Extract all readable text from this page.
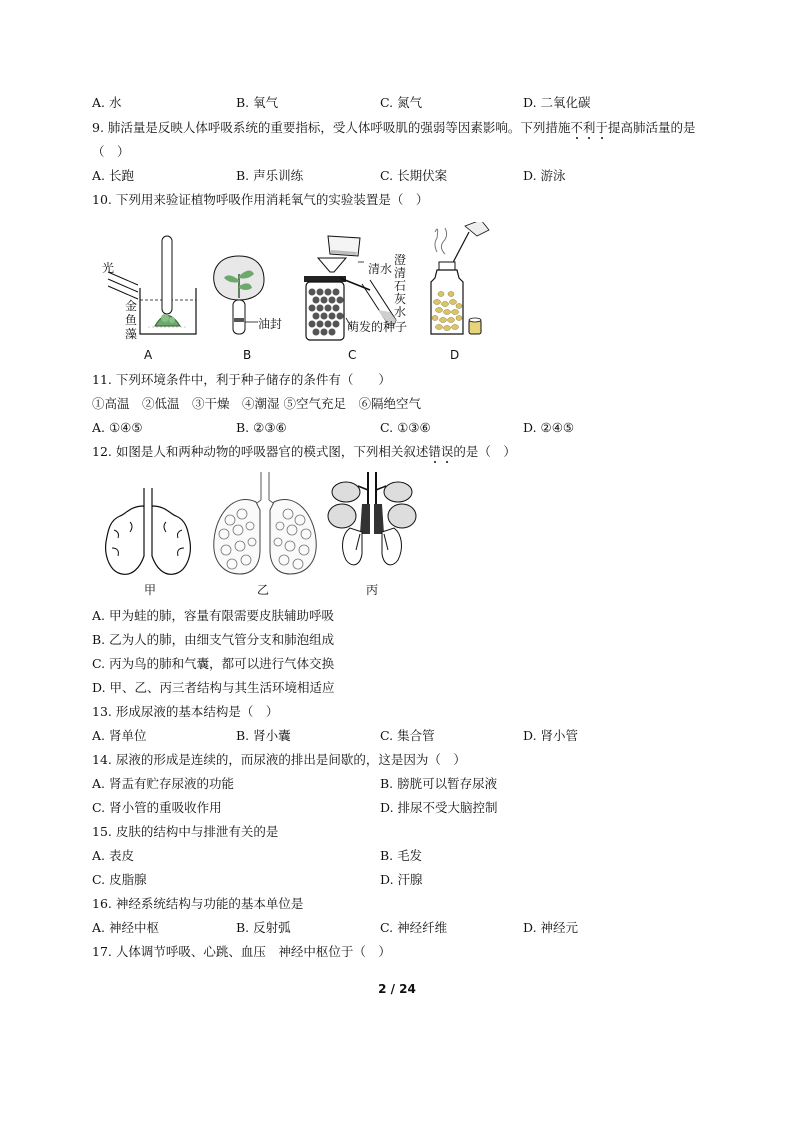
A. 水	B. 氧气	C. 氮气	D. 二氧化碳
9. 肺活量是反映人体呼吸系统的重要指标，受人体呼吸肌的强弱等因素影响。下列措施不利于提高肺活量的是
（　）
A. 长跑	B. 声乐训练	C. 长期伏案	D. 游泳
10. 下列用来验证植物呼吸作用消耗氧气的实验装置是（　）
光
金
鱼
藻
油封
清水
澄
清
石
灰
水
萌发的种子
A	B	C	D
11. 下列环境条件中，利于种子储存的条件有（　　）
①高温　②低温　③干燥　④潮湿 ⑤空气充足　⑥隔绝空气
A. ①④⑤	B. ②③⑥	C. ①③⑥	D. ②④⑤
12. 如图是人和两种动物的呼吸器官的模式图，下列相关叙述错误的是（　）
甲	乙	丙
A. 甲为蛙的肺，容量有限需要皮肤辅助呼吸
B. 乙为人的肺，由细支气管分支和肺泡组成
C. 丙为鸟的肺和气囊，都可以进行气体交换
D. 甲、乙、丙三者结构与其生活环境相适应
13. 形成尿液的基本结构是（　）
A. 肾单位	B. 肾小囊	C. 集合管	D. 肾小管
14. 尿液的形成是连续的，而尿液的排出是间歇的，这是因为（　）
A. 肾盂有贮存尿液的功能	B. 膀胱可以暂存尿液
C. 肾小管的重吸收作用	D. 排尿不受大脑控制
15. 皮肤的结构中与排泄有关的是
A. 表皮	B. 毛发
C. 皮脂腺	D. 汗腺
16. 神经系统结构与功能的基本单位是
A. 神经中枢	B. 反射弧	C. 神经纤维	D. 神经元
17. 人体调节呼吸、心跳、血压　神经中枢位于（　）
2 / 24
